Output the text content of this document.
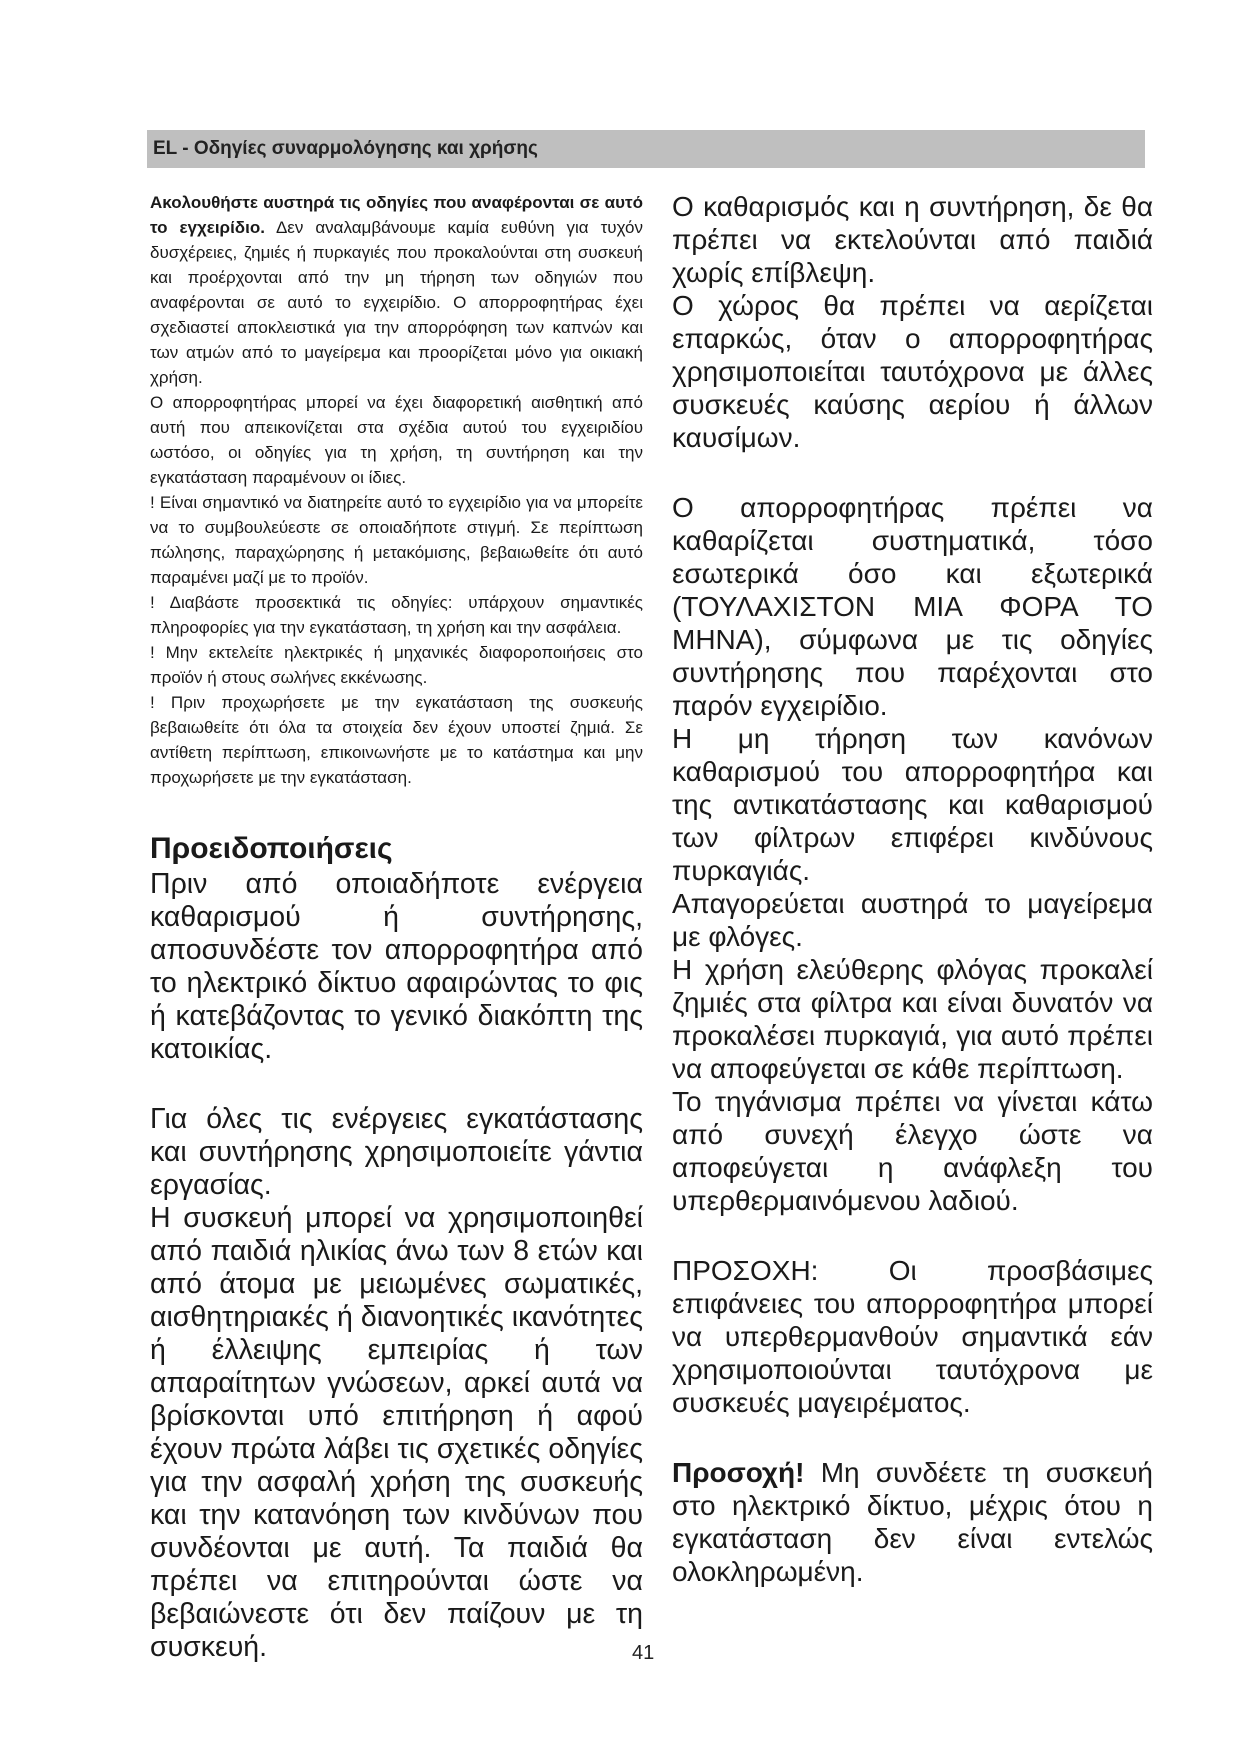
EL - Οδηγίες συναρμολόγησης και χρήσης

Ακολουθήστε αυστηρά τις οδηγίες που αναφέρονται σε αυτό το εγχειρίδιο. Δεν αναλαμβάνουμε καμία ευθύνη για τυχόν δυσχέρειες, ζημιές ή πυρκαγιές που προκαλούνται στη συσκευή και προέρχονται από την μη τήρηση των οδηγιών που αναφέρονται σε αυτό το εγχειρίδιο. Ο απορροφητήρας έχει σχεδιαστεί αποκλειστικά για την απορρόφηση των καπνών και των ατμών από το μαγείρεμα και προορίζεται μόνο για οικιακή χρήση.

Ο απορροφητήρας μπορεί να έχει διαφορετική αισθητική από αυτή που απεικονίζεται στα σχέδια αυτού του εγχειριδίου ωστόσο, οι οδηγίες για τη χρήση, τη συντήρηση και την εγκατάσταση παραμένουν οι ίδιες.

! Είναι σημαντικό να διατηρείτε αυτό το εγχειρίδιο για να μπορείτε να το συμβουλεύεστε σε οποιαδήποτε στιγμή. Σε περίπτωση πώλησης, παραχώρησης ή μετακόμισης, βεβαιωθείτε ότι αυτό παραμένει μαζί με το προϊόν.

! Διαβάστε προσεκτικά τις οδηγίες: υπάρχουν σημαντικές πληροφορίες για την εγκατάσταση, τη χρήση και την ασφάλεια.

! Μην εκτελείτε ηλεκτρικές ή μηχανικές διαφοροποιήσεις στο προϊόν ή στους σωλήνες εκκένωσης.

! Πριν προχωρήσετε με την εγκατάσταση της συσκευής βεβαιωθείτε ότι όλα τα στοιχεία δεν έχουν υποστεί ζημιά. Σε αντίθετη περίπτωση, επικοινωνήστε με το κατάστημα και μην προχωρήσετε με την εγκατάσταση.

Προειδοποιήσεις

Πριν από οποιαδήποτε ενέργεια καθαρισμού ή συντήρησης, αποσυνδέστε τον απορροφητήρα από το ηλεκτρικό δίκτυο αφαιρώντας το φις ή κατεβάζοντας το γενικό διακόπτη της κατοικίας.

Για όλες τις ενέργειες εγκατάστασης και συντήρησης χρησιμοποιείτε γάντια εργασίας.

Η συσκευή μπορεί να χρησιμοποιηθεί από παιδιά ηλικίας άνω των 8 ετών και από άτομα με μειωμένες σωματικές, αισθητηριακές ή διανοητικές ικανότητες ή έλλειψης εμπειρίας ή των απαραίτητων γνώσεων, αρκεί αυτά να βρίσκονται υπό επιτήρηση ή αφού έχουν πρώτα λάβει τις σχετικές οδηγίες για την ασφαλή χρήση της συσκευής και την κατανόηση των κινδύνων που συνδέονται με αυτή. Τα παιδιά θα πρέπει να επιτηρούνται ώστε να βεβαιώνεστε ότι δεν παίζουν με τη συσκευή.

Ο καθαρισμός και η συντήρηση, δε θα πρέπει να εκτελούνται από παιδιά χωρίς επίβλεψη.

Ο χώρος θα πρέπει να αερίζεται επαρκώς, όταν ο απορροφητήρας χρησιμοποιείται ταυτόχρονα με άλλες συσκευές καύσης αερίου ή άλλων καυσίμων.

Ο απορροφητήρας πρέπει να καθαρίζεται συστηματικά, τόσο εσωτερικά όσο και εξωτερικά (ΤΟΥΛΑΧΙΣΤΟΝ ΜΙΑ ΦΟΡΑ ΤΟ ΜΗΝΑ), σύμφωνα με τις οδηγίες συντήρησης που παρέχονται στο παρόν εγχειρίδιο.

Η μη τήρηση των κανόνων καθαρισμού του απορροφητήρα και της αντικατάστασης και καθαρισμού των φίλτρων επιφέρει κινδύνους πυρκαγιάς.

Απαγορεύεται αυστηρά το μαγείρεμα με φλόγες.

Η χρήση ελεύθερης φλόγας προκαλεί ζημιές στα φίλτρα και είναι δυνατόν να προκαλέσει πυρκαγιά, για αυτό πρέπει να αποφεύγεται σε κάθε περίπτωση.

Το τηγάνισμα πρέπει να γίνεται κάτω από συνεχή έλεγχο ώστε να αποφεύγεται η ανάφλεξη του υπερθερμαινόμενου λαδιού.

ΠΡΟΣΟΧΗ: Οι προσβάσιμες επιφάνειες του απορροφητήρα μπορεί να υπερθερμανθούν σημαντικά εάν χρησιμοποιούνται ταυτόχρονα με συσκευές μαγειρέματος.

Προσοχή! Μη συνδέετε τη συσκευή στο ηλεκτρικό δίκτυο, μέχρις ότου η εγκατάσταση δεν είναι εντελώς ολοκληρωμένη.

41
